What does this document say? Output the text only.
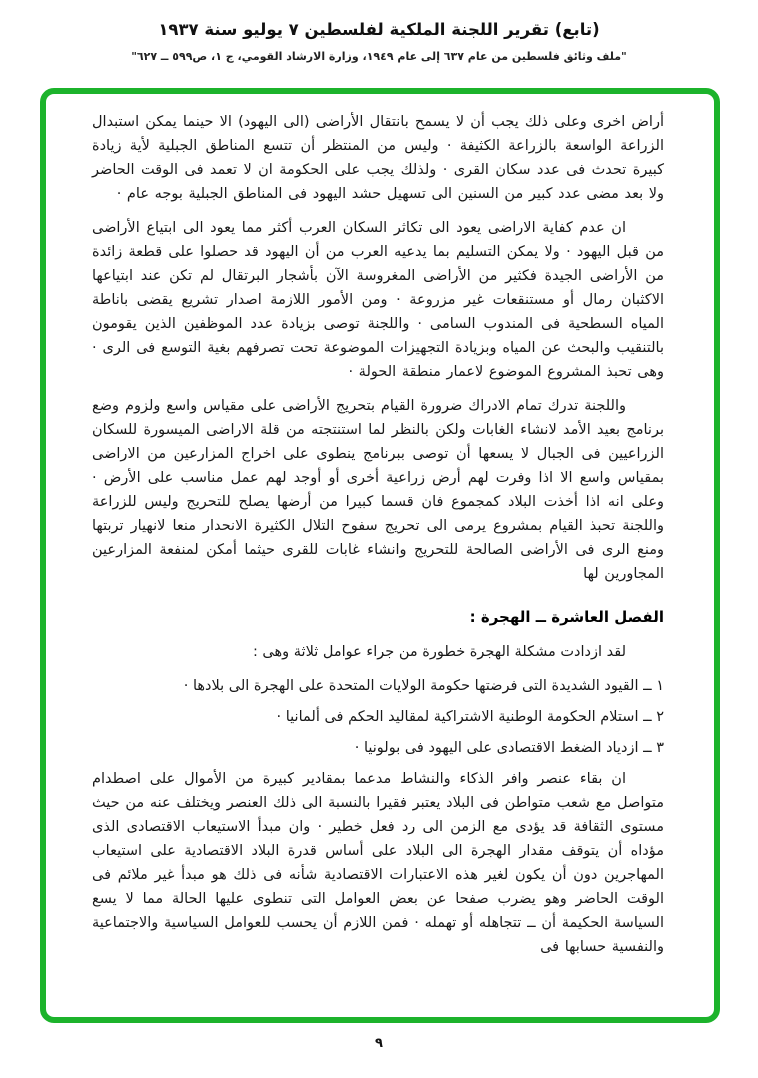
(تابع) تقرير اللجنة الملكية لفلسطين ٧ يوليو سنة ١٩٣٧
"ملف وثائق فلسطين من عام ٦٣٧ إلى عام ١٩٤٩، وزارة الارشاد القومي، ج ١، ص٥٩٩ ــ ٦٢٧"

أراض اخرى وعلى ذلك يجب أن لا يسمح بانتقال الأراضى (الى اليهود) الا حينما يمكن استبدال الزراعة الواسعة بالزراعة الكثيفة · وليس من المنتظر أن تتسع المناطق الجبلية لأية زيادة كبيرة تحدث فى عدد سكان القرى · ولذلك يجب على الحكومة ان لا تعمد فى الوقت الحاضر ولا بعد مضى عدد كبير من السنين الى تسهيل حشد اليهود فى المناطق الجبلية بوجه عام ·

ان عدم كفاية الاراضى يعود الى تكاثر السكان العرب أكثر مما يعود الى ابتياع الأراضى من قبل اليهود · ولا يمكن التسليم بما يدعيه العرب من أن اليهود قد حصلوا على قطعة زائدة من الأراضى الجيدة فكثير من الأراضى المغروسة الآن بأشجار البرتقال لم تكن عند ابتياعها الاكثبان رمال أو مستنقعات غير مزروعة · ومن الأمور اللازمة اصدار تشريع يقضى باناطة المياه السطحية فى المندوب السامى · واللجنة توصى بزيادة عدد الموظفين الذين يقومون بالتنقيب والبحث عن المياه وبزيادة التجهيزات الموضوعة تحت تصرفهم بغية التوسع فى الرى · وهى تحبذ المشروع الموضوع لاعمار منطقة الحولة ·

واللجنة تدرك تمام الادراك ضرورة القيام بتحريج الأراضى على مقياس واسع ولزوم وضع برنامج بعيد الأمد لانشاء الغابات ولكن بالنظر لما استنتجته من قلة الاراضى الميسورة للسكان الزراعيين فى الجبال لا يسعها أن توصى ببرنامج ينطوى على اخراج المزارعين من الاراضى بمقياس واسع الا اذا وفرت لهم أرض زراعية أخرى أو أوجد لهم عمل مناسب على الأرض · وعلى انه اذا أخذت البلاد كمجموع فان قسما كبيرا من أرضها يصلح للتحريج وليس للزراعة واللجنة تحبذ القيام بمشروع يرمى الى تحريج سفوح التلال الكثيرة الانحدار منعا لانهيار تربتها ومنع الرى فى الأراضى الصالحة للتحريج وانشاء غابات للقرى حيثما أمكن لمنفعة المزارعين المجاورين لها

الفصل العاشرة ــ الهجرة :

لقد ازدادت مشكلة الهجرة خطورة من جراء عوامل ثلاثة وهى :

١ ــ القيود الشديدة التى فرضتها حكومة الولايات المتحدة على الهجرة الى بلادها ·

٢ ــ استلام الحكومة الوطنية الاشتراكية لمقاليد الحكم فى ألمانيا ·

٣ ــ ازدياد الضغط الاقتصادى على اليهود فى بولونيا ·

ان بقاء عنصر وافر الذكاء والنشاط مدعما بمقادير كبيرة من الأموال على اصطدام متواصل مع شعب متواطن فى البلاد يعتبر فقيرا بالنسبة الى ذلك العنصر ويختلف عنه من حيث مستوى الثقافة قد يؤدى مع الزمن الى رد فعل خطير · وان مبدأ الاستيعاب الاقتصادى الذى مؤداه أن يتوقف مقدار الهجرة الى البلاد على أساس قدرة البلاد الاقتصادية على استيعاب المهاجرين دون أن يكون لغير هذه الاعتبارات الاقتصادية شأنه فى ذلك هو مبدأ غير ملائم فى الوقت الحاضر وهو يضرب صفحا عن بعض العوامل التى تنطوى عليها الحالة مما لا يسع السياسة الحكيمة أن ــ تتجاهله أو تهمله · فمن اللازم أن يحسب للعوامل السياسية والاجتماعية والنفسية حسابها فى

٩
